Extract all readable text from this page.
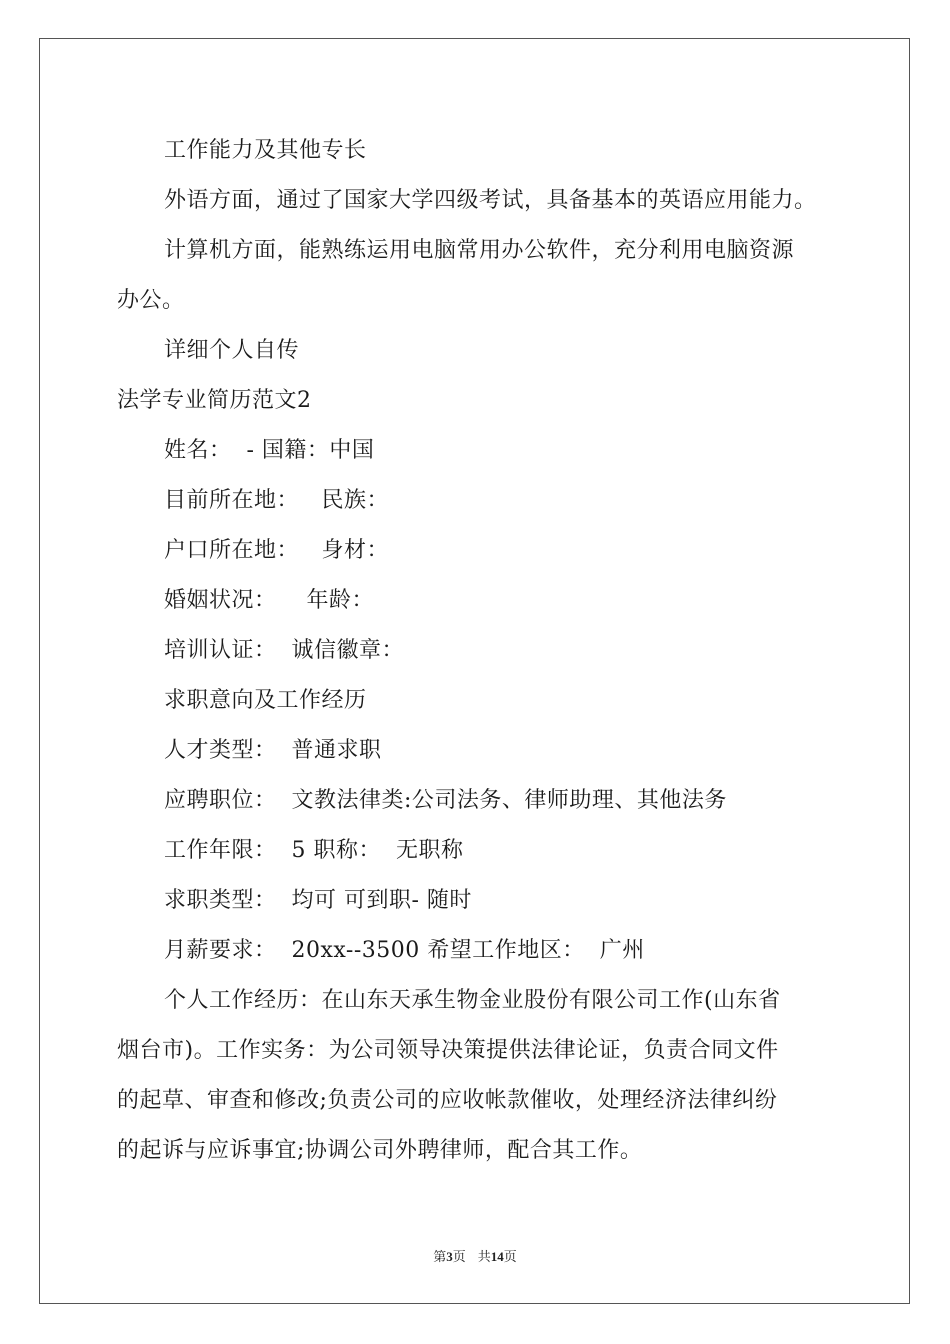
工作能力及其他专长
外语方面，通过了国家大学四级考试，具备基本的英语应用能力。
计算机方面，能熟练运用电脑常用办公软件，充分利用电脑资源
办公。
详细个人自传
法学专业简历范文2
姓名：  - 国籍：中国
目前所在地：   民族：
户口所在地：   身材：
婚姻状况：    年龄：
培训认证：  诚信徽章：
求职意向及工作经历
人才类型：  普通求职
应聘职位：  文教法律类:公司法务、律师助理、其他法务
工作年限：  5 职称：  无职称
求职类型：  均可 可到职- 随时
月薪要求：  20xx--3500 希望工作地区：  广州
个人工作经历：在山东天承生物金业股份有限公司工作(山东省
烟台市)。工作实务：为公司领导决策提供法律论证，负责合同文件
的起草、审查和修改;负责公司的应收帐款催收，处理经济法律纠纷
的起诉与应诉事宜;协调公司外聘律师，配合其工作。
第3页 共14页
